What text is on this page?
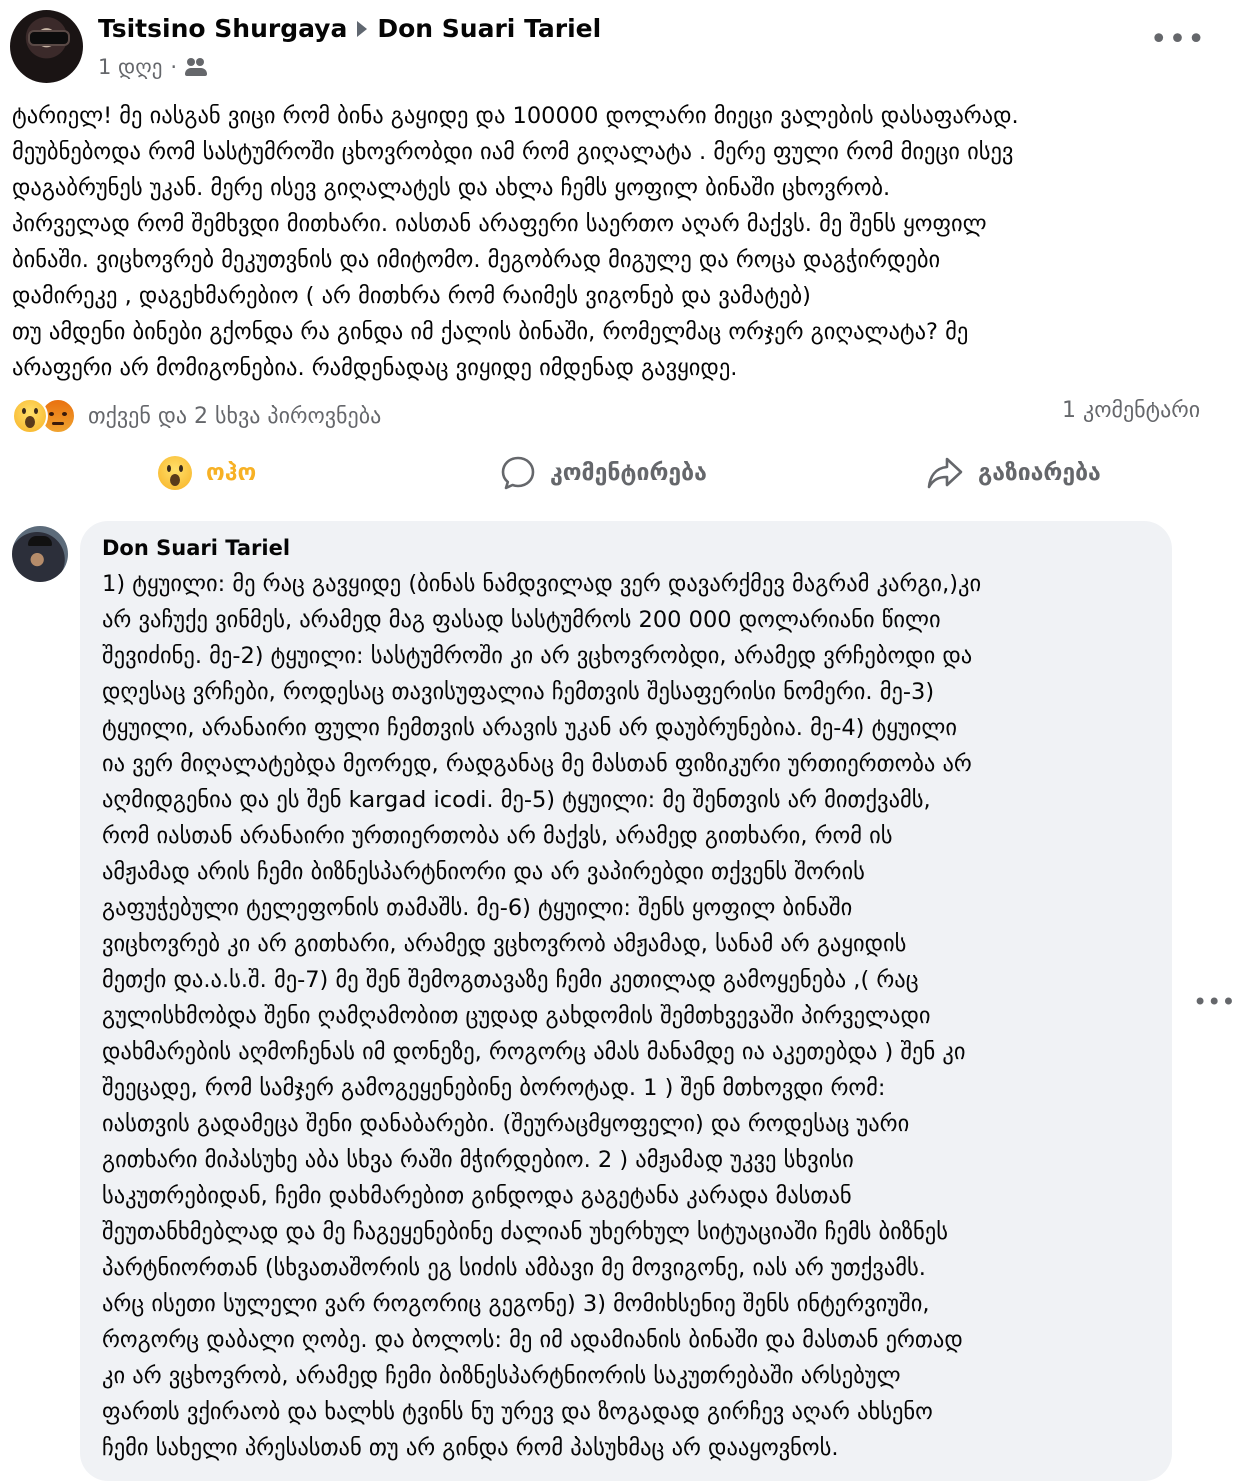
Tsitsino Shurgaya Don Suari Tariel
1 დღე ·
•••

ტარიელ! მე იასგან ვიცი რომ ბინა გაყიდე და 100000 დოლარი მიეცი ვალების დასაფარად.

მეუბნებოდა რომ სასტუმროში ცხოვრობდი იამ რომ გიღალატა . მერე ფული რომ მიეცი ისევ

დაგაბრუნეს უკან. მერე ისევ გიღალატეს და ახლა ჩემს ყოფილ ბინაში ცხოვრობ.

პირველად რომ შემხვდი მითხარი. იასთან არაფერი საერთო აღარ მაქვს. მე შენს ყოფილ

ბინაში. ვიცხოვრებ მეკუთვნის და იმიტომო. მეგობრად მიგულე და როცა დაგჭირდები

დამირეკე , დაგეხმარებიო ( არ მითხრა რომ რაიმეს ვიგონებ და ვამატებ)

თუ ამდენი ბინები გქონდა რა გინდა იმ ქალის ბინაში, რომელმაც ორჯერ გიღალატა? მე

არაფერი არ მომიგონებია. რამდენადაც ვიყიდე იმდენად გავყიდე.

თქვენ და 2 სხვა პიროვნება	1 კომენტარი
ოჰო	კომენტირება	გაზიარება
Don Suari Tariel

1) ტყუილი: მე რაც გავყიდე (ბინას ნამდვილად ვერ დავარქმევ მაგრამ კარგი,)კი

არ ვაჩუქე ვინმეს, არამედ მაგ ფასად სასტუმროს 200 000 დოლარიანი წილი

შევიძინე. მე-2) ტყუილი: სასტუმროში კი არ ვცხოვრობდი, არამედ ვრჩებოდი და

დღესაც ვრჩები, როდესაც თავისუფალია ჩემთვის შესაფერისი ნომერი. მე-3)

ტყუილი, არანაირი ფული ჩემთვის არავის უკან არ დაუბრუნებია. მე-4) ტყუილი

ია ვერ მიღალატებდა მეორედ, რადგანაც მე მასთან ფიზიკური ურთიერთობა არ

აღმიდგენია და ეს შენ kargad icodi. მე-5) ტყუილი: მე შენთვის არ მითქვამს,

რომ იასთან არანაირი ურთიერთობა არ მაქვს, არამედ გითხარი, რომ ის

ამჟამად არის ჩემი ბიზნესპარტნიორი და არ ვაპირებდი თქვენს შორის

გაფუჭებული ტელეფონის თამაშს. მე-6) ტყუილი: შენს ყოფილ ბინაში

ვიცხოვრებ კი არ გითხარი, არამედ ვცხოვრობ ამჟამად, სანამ არ გაყიდის

მეთქი და.ა.ს.შ. მე-7) მე შენ შემოგთავაზე ჩემი კეთილად გამოყენება ,( რაც

გულისხმობდა შენი ღამღამობით ცუდად გახდომის შემთხვევაში პირველადი

დახმარების აღმოჩენას იმ დონეზე, როგორც ამას მანამდე ია აკეთებდა ) შენ კი

შეეცადე, რომ სამჯერ გამოგეყენებინე ბოროტად. 1 ) შენ მთხოვდი რომ:

იასთვის გადამეცა შენი დანაბარები. (შეურაცმყოფელი) და როდესაც უარი

გითხარი მიპასუხე აბა სხვა რაში მჭირდებიო. 2 ) ამჟამად უკვე სხვისი

საკუთრებიდან, ჩემი დახმარებით გინდოდა გაგეტანა კარადა მასთან

შეუთანხმებლად და მე ჩაგეყენებინე ძალიან უხერხულ სიტუაციაში ჩემს ბიზნეს

პარტნიორთან (სხვათაშორის ეგ სიძის ამბავი მე მოვიგონე, იას არ უთქვამს.

არც ისეთი სულელი ვარ როგორიც გეგონე) 3) მომიხსენიე შენს ინტერვიუში,

როგორც დაბალი ღობე. და ბოლოს: მე იმ ადამიანის ბინაში და მასთან ერთად

კი არ ვცხოვრობ, არამედ ჩემი ბიზნესპარტნიორის საკუთრებაში არსებულ

ფართს ვქირაობ და ხალხს ტვინს ნუ ურევ და ზოგადად გირჩევ აღარ ახსენო

ჩემი სახელი პრესასთან თუ არ გინდა რომ პასუხმაც არ დააყოვნოს.

•••
